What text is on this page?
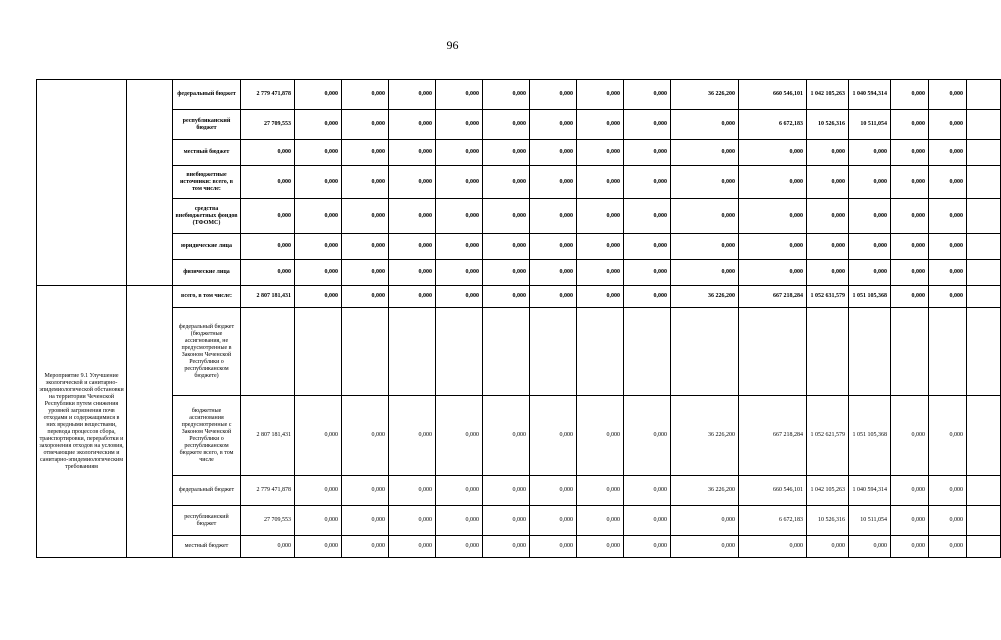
96
		федеральный бюджет	2 779 471,878	0,000	0,000	0,000	0,000	0,000	0,000	0,000	0,000	36 226,200	660 546,101	1 042 105,263	1 040 594,314	0,000	0,000	
		республиканский бюджет	27 709,553	0,000	0,000	0,000	0,000	0,000	0,000	0,000	0,000	0,000	6 672,183	10 526,316	10 511,054	0,000	0,000	
		местный бюджет	0,000	0,000	0,000	0,000	0,000	0,000	0,000	0,000	0,000	0,000	0,000	0,000	0,000	0,000	0,000	
		внебюджетные источники: всего, в том числе:	0,000	0,000	0,000	0,000	0,000	0,000	0,000	0,000	0,000	0,000	0,000	0,000	0,000	0,000	0,000	
		средства внебюджетных фондов (ТФОМС)	0,000	0,000	0,000	0,000	0,000	0,000	0,000	0,000	0,000	0,000	0,000	0,000	0,000	0,000	0,000	
		юридические лица	0,000	0,000	0,000	0,000	0,000	0,000	0,000	0,000	0,000	0,000	0,000	0,000	0,000	0,000	0,000	
		физические лица	0,000	0,000	0,000	0,000	0,000	0,000	0,000	0,000	0,000	0,000	0,000	0,000	0,000	0,000	0,000	
Мероприятие 9.1 Улучшение экологической и санитарно-эпидемиологической обстановки на территории Чеченской Республики путем снижения уровней загрязнения почв отходами и содержащимися в них вредными веществами, перевода процессов сбора, транспортировки, переработки и захоронения отходов на условия, отвечающие экологическим и санитарно-эпидемиологическим требованиям		всего, в том числе:	2 807 181,431	0,000	0,000	0,000	0,000	0,000	0,000	0,000	0,000	36 226,200	667 218,284	1 052 631,579	1 051 105,368	0,000	0,000	
		федеральный бюджет (бюджетные ассигнования, не предусмотренные в Законом Чеченской Республики о республиканском бюджете)																
		бюджетные ассигнования предусмотренные с Законом Чеченской Республики о республиканском бюджете всего, в том числе	2 807 181,431	0,000	0,000	0,000	0,000	0,000	0,000	0,000	0,000	36 226,200	667 218,284	1 052 621,579	1 051 105,368	0,000	0,000	
		федеральный бюджет	2 779 471,878	0,000	0,000	0,000	0,000	0,000	0,000	0,000	0,000	36 226,200	660 546,101	1 042 105,263	1 040 594,314	0,000	0,000	
		республиканский бюджет	27 709,553	0,000	0,000	0,000	0,000	0,000	0,000	0,000	0,000	0,000	6 672,183	10 526,316	10 511,054	0,000	0,000	
		местный бюджет	0,000	0,000	0,000	0,000	0,000	0,000	0,000	0,000	0,000	0,000	0,000	0,000	0,000	0,000	0,000	
